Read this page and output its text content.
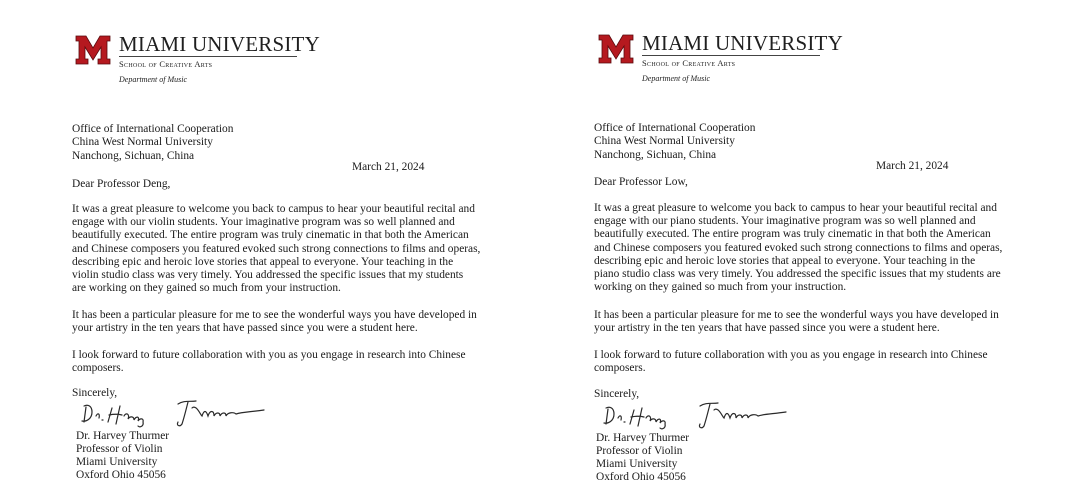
MIAMI UNIVERSITY
School of Creative Arts
Department of Music
Office of International Cooperation
China West Normal University
Nanchong, Sichuan, China
March 21, 2024
Dear Professor Deng,
It was a great pleasure to welcome you back to campus to hear your beautiful recital and
engage with our violin students. Your imaginative program was so well planned and
beautifully executed. The entire program was truly cinematic in that both the American
and Chinese composers you featured evoked such strong connections to films and operas,
describing epic and heroic love stories that appeal to everyone. Your teaching in the
violin studio class was very timely. You addressed the specific issues that my students
are working on they gained so much from your instruction.
It has been a particular pleasure for me to see the wonderful ways you have developed in
your artistry in the ten years that have passed since you were a student here.
I look forward to future collaboration with you as you engage in research into Chinese
composers.
Sincerely,
Dr. Harvey Thurmer
Professor of Violin
Miami University
Oxford Ohio 45056
MIAMI UNIVERSITY
School of Creative Arts
Department of Music
Office of International Cooperation
China West Normal University
Nanchong, Sichuan, China
March 21, 2024
Dear Professor Low,
It was a great pleasure to welcome you back to campus to hear your beautiful recital and
engage with our piano students. Your imaginative program was so well planned and
beautifully executed. The entire program was truly cinematic in that both the American
and Chinese composers you featured evoked such strong connections to films and operas,
describing epic and heroic love stories that appeal to everyone. Your teaching in the
piano studio class was very timely. You addressed the specific issues that my students are
working on they gained so much from your instruction.
It has been a particular pleasure for me to see the wonderful ways you have developed in
your artistry in the ten years that have passed since you were a student here.
I look forward to future collaboration with you as you engage in research into Chinese
composers.
Sincerely,
Dr. Harvey Thurmer
Professor of Violin
Miami University
Oxford Ohio 45056
